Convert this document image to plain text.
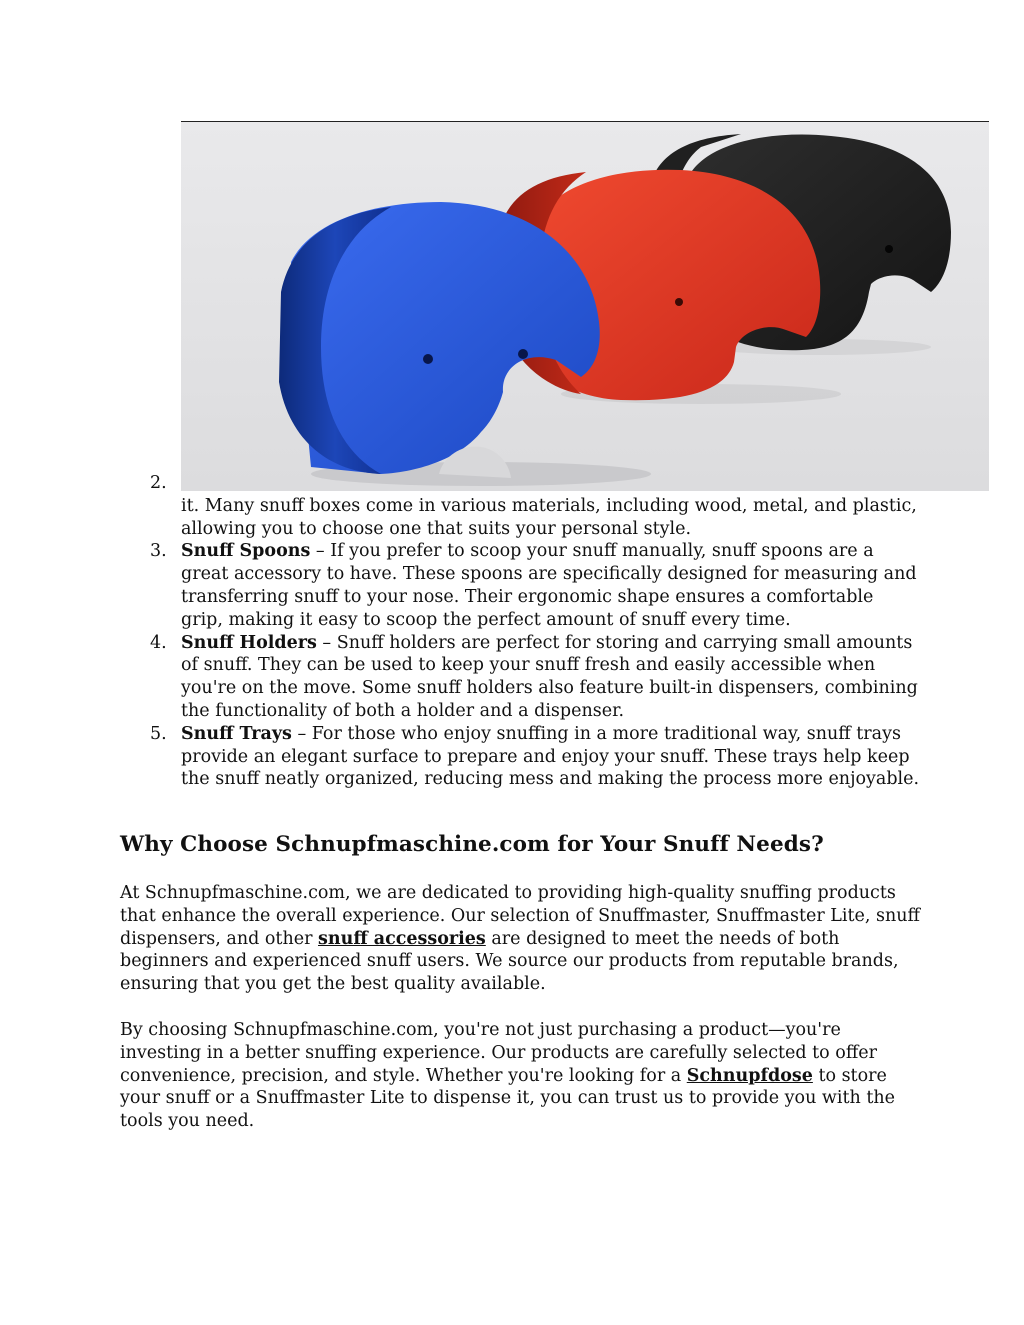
2.
it. Many snuff boxes come in various materials, including wood, metal, and plastic, allowing you to choose one that suits your personal style.
3. Snuff Spoons – If you prefer to scoop your snuff manually, snuff spoons are a great accessory to have. These spoons are specifically designed for measuring and transferring snuff to your nose. Their ergonomic shape ensures a comfortable grip, making it easy to scoop the perfect amount of snuff every time.
4. Snuff Holders – Snuff holders are perfect for storing and carrying small amounts of snuff. They can be used to keep your snuff fresh and easily accessible when you're on the move. Some snuff holders also feature built-in dispensers, combining the functionality of both a holder and a dispenser.
5. Snuff Trays – For those who enjoy snuffing in a more traditional way, snuff trays provide an elegant surface to prepare and enjoy your snuff. These trays help keep the snuff neatly organized, reducing mess and making the process more enjoyable.
Why Choose Schnupfmaschine.com for Your Snuff Needs?

At Schnupfmaschine.com, we are dedicated to providing high-quality snuffing products that enhance the overall experience. Our selection of Snuffmaster, Snuffmaster Lite, snuff dispensers, and other snuff accessories are designed to meet the needs of both beginners and experienced snuff users. We source our products from reputable brands, ensuring that you get the best quality available.

By choosing Schnupfmaschine.com, you're not just purchasing a product—you're investing in a better snuffing experience. Our products are carefully selected to offer convenience, precision, and style. Whether you're looking for a Schnupfdose to store your snuff or a Snuffmaster Lite to dispense it, you can trust us to provide you with the tools you need.
